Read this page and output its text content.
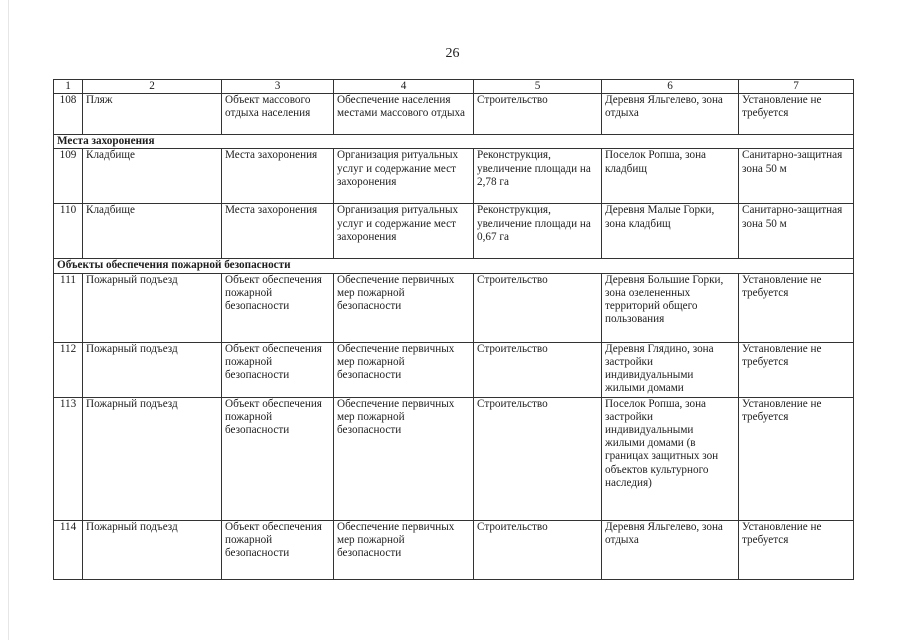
26
1	2	3	4	5	6	7
108	Пляж	Объект массового отдыха населения	Обеспечение населения местами массового отдыха	Строительство	Деревня Яльгелево, зона отдыха	Установление не требуется
Места захоронения						
109	Кладбище	Места захоронения	Организация ритуальных услуг и содержание мест захоронения	Реконструкция, увеличение площади на 2,78 га	Поселок Ропша, зона кладбищ	Санитарно-защитная зона 50 м
110	Кладбище	Места захоронения	Организация ритуальных услуг и содержание мест захоронения	Реконструкция, увеличение площади на 0,67 га	Деревня Малые Горки, зона кладбищ	Санитарно-защитная зона 50 м
Объекты обеспечения пожарной безопасности						
111	Пожарный подъезд	Объект обеспечения пожарной безопасности	Обеспечение первичных мер пожарной безопасности	Строительство	Деревня Большие Горки, зона озелененных территорий общего пользования	Установление не требуется
112	Пожарный подъезд	Объект обеспечения пожарной безопасности	Обеспечение первичных мер пожарной безопасности	Строительство	Деревня Глядино, зона застройки индивидуальными жилыми домами	Установление не требуется
113	Пожарный подъезд	Объект обеспечения пожарной безопасности	Обеспечение первичных мер пожарной безопасности	Строительство	Поселок Ропша, зона застройки индивидуальными жилыми домами (в границах защитных зон объектов культурного наследия)	Установление не требуется
114	Пожарный подъезд	Объект обеспечения пожарной безопасности	Обеспечение первичных мер пожарной безопасности	Строительство	Деревня Яльгелево, зона отдыха	Установление не требуется
